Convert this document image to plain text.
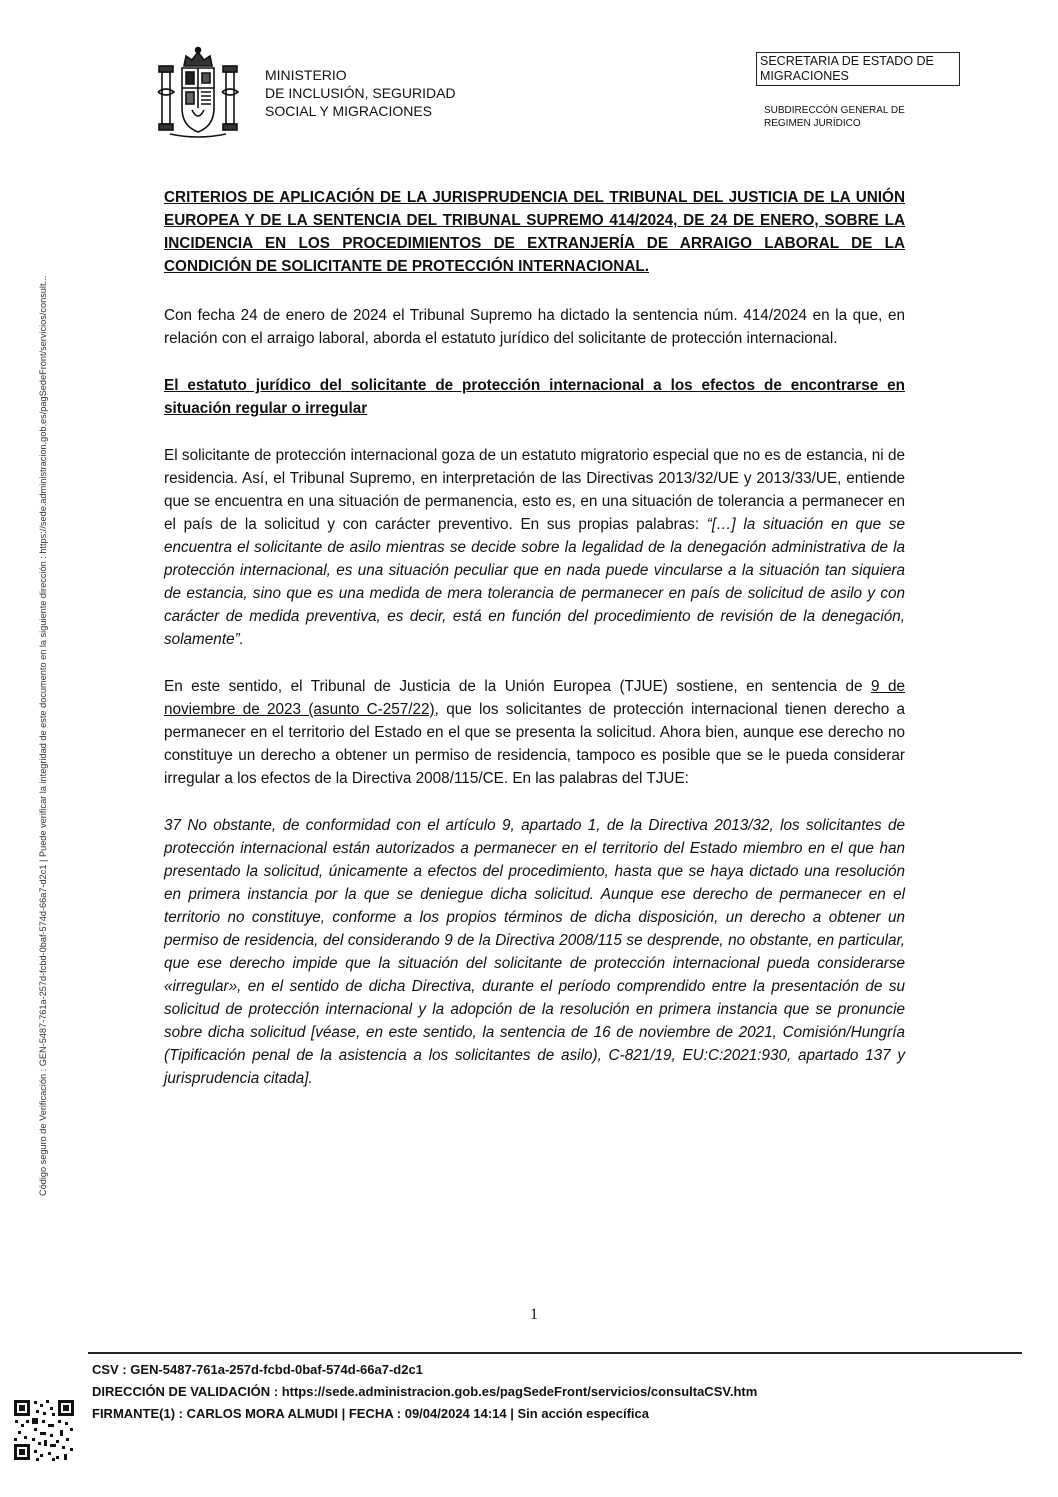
MINISTERIO
DE INCLUSIÓN, SEGURIDAD
SOCIAL Y MIGRACIONES
SECRETARIA DE ESTADO DE
MIGRACIONES
SUBDIRECCÓN GENERAL DE
REGIMEN JURÍDICO
Código seguro de Verificación : GEN-5487-761a-257d-fcbd-0baf-574d-66a7-d2c1 | Puede verificar la integridad de este documento en la siguiente dirección : https://sede.administracion.gob.es/pagSedeFront/servicios/consult...
CRITERIOS DE APLICACIÓN DE LA JURISPRUDENCIA DEL TRIBUNAL DEL JUSTICIA DE LA UNIÓN EUROPEA Y DE LA SENTENCIA DEL TRIBUNAL SUPREMO 414/2024, DE 24 DE ENERO, SOBRE LA INCIDENCIA EN LOS PROCEDIMIENTOS DE EXTRANJERÍA DE ARRAIGO LABORAL DE LA CONDICIÓN DE SOLICITANTE DE PROTECCIÓN INTERNACIONAL.
Con fecha 24 de enero de 2024 el Tribunal Supremo ha dictado la sentencia núm. 414/2024 en la que, en relación con el arraigo laboral, aborda el estatuto jurídico del solicitante de protección internacional.
El estatuto jurídico del solicitante de protección internacional a los efectos de encontrarse en situación regular o irregular
El solicitante de protección internacional goza de un estatuto migratorio especial que no es de estancia, ni de residencia. Así, el Tribunal Supremo, en interpretación de las Directivas 2013/32/UE y 2013/33/UE, entiende que se encuentra en una situación de permanencia, esto es, en una situación de tolerancia a permanecer en el país de la solicitud y con carácter preventivo. En sus propias palabras: “[…] la situación en que se encuentra el solicitante de asilo mientras se decide sobre la legalidad de la denegación administrativa de la protección internacional, es una situación peculiar que en nada puede vincularse a la situación tan siquiera de estancia, sino que es una medida de mera tolerancia de permanecer en país de solicitud de asilo y con carácter de medida preventiva, es decir, está en función del procedimiento de revisión de la denegación, solamente”.
En este sentido, el Tribunal de Justicia de la Unión Europea (TJUE) sostiene, en sentencia de 9 de noviembre de 2023 (asunto C-257/22), que los solicitantes de protección internacional tienen derecho a permanecer en el territorio del Estado en el que se presenta la solicitud. Ahora bien, aunque ese derecho no constituye un derecho a obtener un permiso de residencia, tampoco es posible que se le pueda considerar irregular a los efectos de la Directiva 2008/115/CE. En las palabras del TJUE:
37 No obstante, de conformidad con el artículo 9, apartado 1, de la Directiva 2013/32, los solicitantes de protección internacional están autorizados a permanecer en el territorio del Estado miembro en el que han presentado la solicitud, únicamente a efectos del procedimiento, hasta que se haya dictado una resolución en primera instancia por la que se deniegue dicha solicitud. Aunque ese derecho de permanecer en el territorio no constituye, conforme a los propios términos de dicha disposición, un derecho a obtener un permiso de residencia, del considerando 9 de la Directiva 2008/115 se desprende, no obstante, en particular, que ese derecho impide que la situación del solicitante de protección internacional pueda considerarse «irregular», en el sentido de dicha Directiva, durante el período comprendido entre la presentación de su solicitud de protección internacional y la adopción de la resolución en primera instancia que se pronuncie sobre dicha solicitud [véase, en este sentido, la sentencia de 16 de noviembre de 2021, Comisión/Hungría (Tipificación penal de la asistencia a los solicitantes de asilo), C-821/19, EU:C:2021:930, apartado 137 y jurisprudencia citada].
1
CSV : GEN-5487-761a-257d-fcbd-0baf-574d-66a7-d2c1
DIRECCIÓN DE VALIDACIÓN : https://sede.administracion.gob.es/pagSedeFront/servicios/consultaCSV.htm
FIRMANTE(1) : CARLOS MORA ALMUDI | FECHA : 09/04/2024 14:14 | Sin acción específica
